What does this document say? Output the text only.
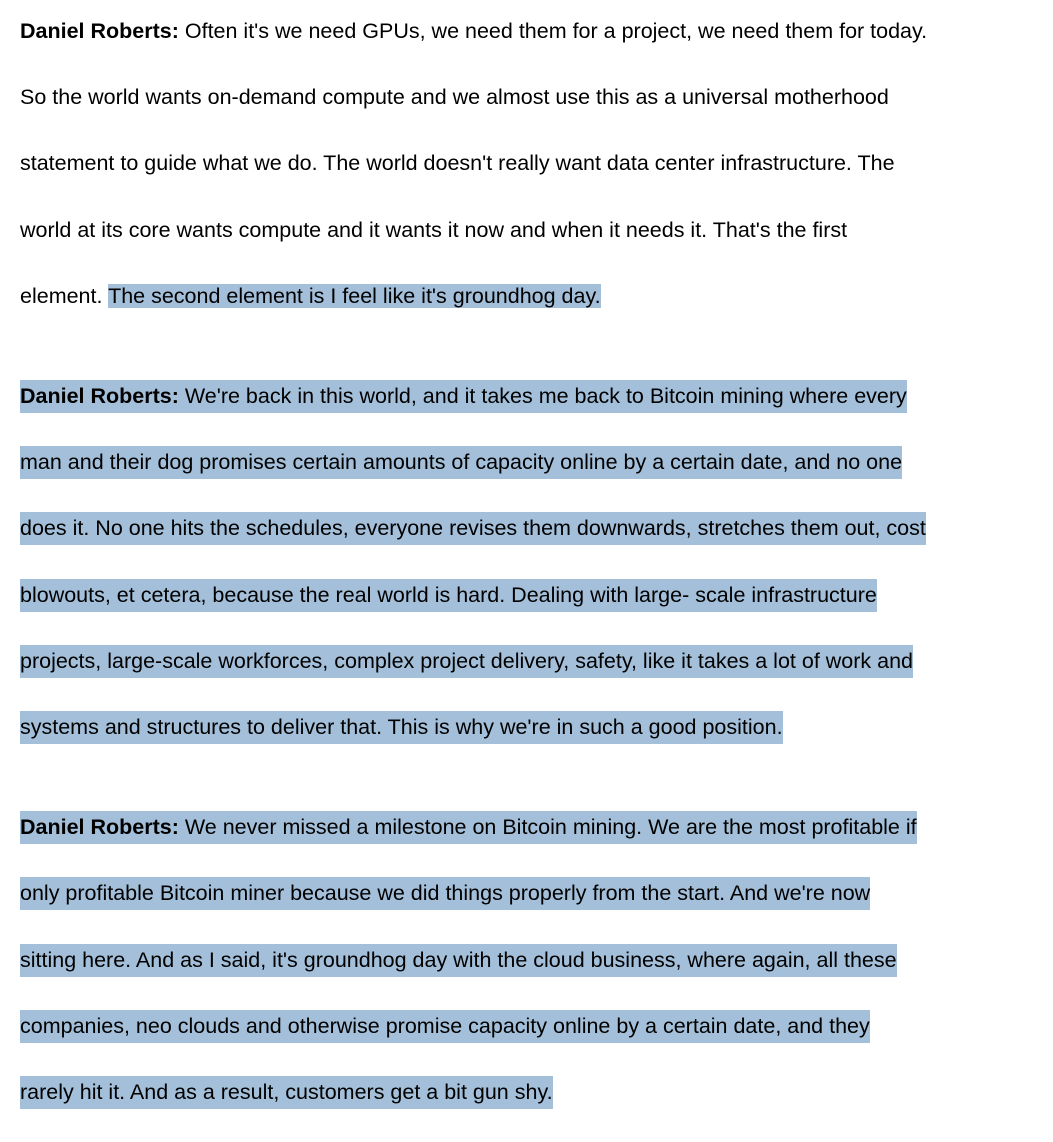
Daniel Roberts: Often it's we need GPUs, we need them for a project, we need them for today.
So the world wants on-demand compute and we almost use this as a universal motherhood
statement to guide what we do. The world doesn't really want data center infrastructure. The
world at its core wants compute and it wants it now and when it needs it. That's the first
element. The second element is I feel like it's groundhog day.
Daniel Roberts: We're back in this world, and it takes me back to Bitcoin mining where every
man and their dog promises certain amounts of capacity online by a certain date, and no one
does it. No one hits the schedules, everyone revises them downwards, stretches them out, cost
blowouts, et cetera, because the real world is hard. Dealing with large- scale infrastructure
projects, large-scale workforces, complex project delivery, safety, like it takes a lot of work and
systems and structures to deliver that. This is why we're in such a good position.
Daniel Roberts: We never missed a milestone on Bitcoin mining. We are the most profitable if
only profitable Bitcoin miner because we did things properly from the start. And we're now
sitting here. And as I said, it's groundhog day with the cloud business, where again, all these
companies, neo clouds and otherwise promise capacity online by a certain date, and they
rarely hit it. And as a result, customers get a bit gun shy.
